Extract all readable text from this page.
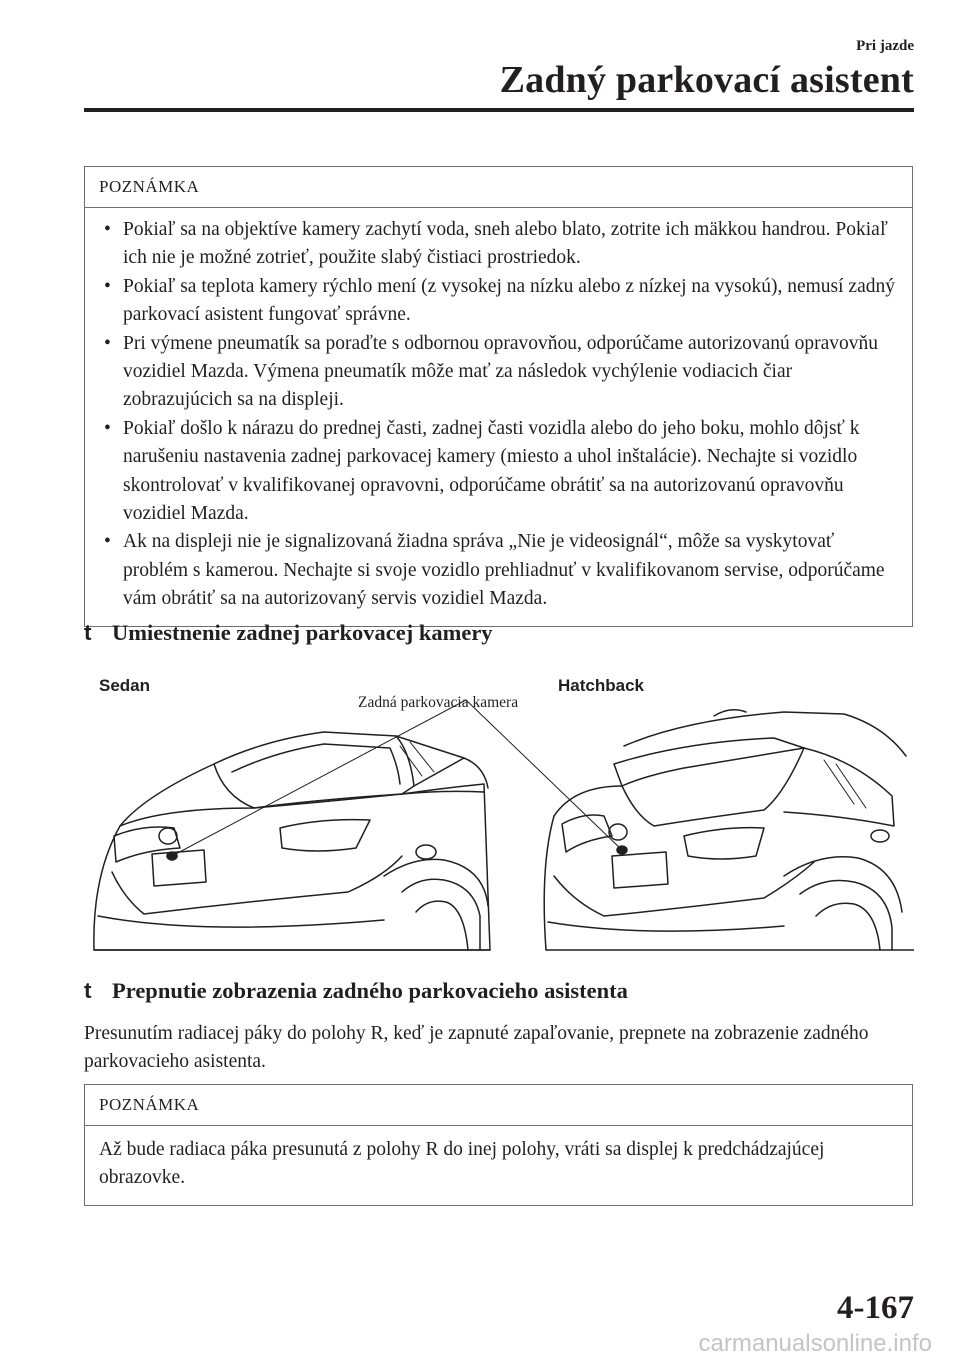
Pri jazde
Zadný parkovací asistent
POZNÁMKA
• Pokiaľ sa na objektíve kamery zachytí voda, sneh alebo blato, zotrite ich mäkkou handrou. Pokiaľ ich nie je možné zotrieť, použite slabý čistiaci prostriedok.
• Pokiaľ sa teplota kamery rýchlo mení (z vysokej na nízku alebo z nízkej na vysokú), nemusí zadný parkovací asistent fungovať správne.
• Pri výmene pneumatík sa poraďte s odbornou opravovňou, odporúčame autorizovanú opravovňu vozidiel Mazda. Výmena pneumatík môže mať za následok vychýlenie vodiacich čiar zobrazujúcich sa na displeji.
• Pokiaľ došlo k nárazu do prednej časti, zadnej časti vozidla alebo do jeho boku, mohlo dôjsť k narušeniu nastavenia zadnej parkovacej kamery (miesto a uhol inštalácie). Nechajte si vozidlo skontrolovať v kvalifikovanej opravovni, odporúčame obrátiť sa na autorizovanú opravovňu vozidiel Mazda.
• Ak na displeji nie je signalizovaná žiadna správa „Nie je videosignál“, môže sa vyskytovať problém s kamerou. Nechajte si svoje vozidlo prehliadnuť v kvalifikovanom servise, odporúčame vám obrátiť sa na autorizovaný servis vozidiel Mazda.
t Umiestnenie zadnej parkovacej kamery
Sedan	Hatchback
Zadná parkovacia kamera
t Prepnutie zobrazenia zadného parkovacieho asistenta
Presunutím radiacej páky do polohy R, keď je zapnuté zapaľovanie, prepnete na zobrazenie zadného parkovacieho asistenta.
POZNÁMKA
Až bude radiaca páka presunutá z polohy R do inej polohy, vráti sa displej k predchádzajúcej obrazovke.
4-167
carmanualsonline.info
